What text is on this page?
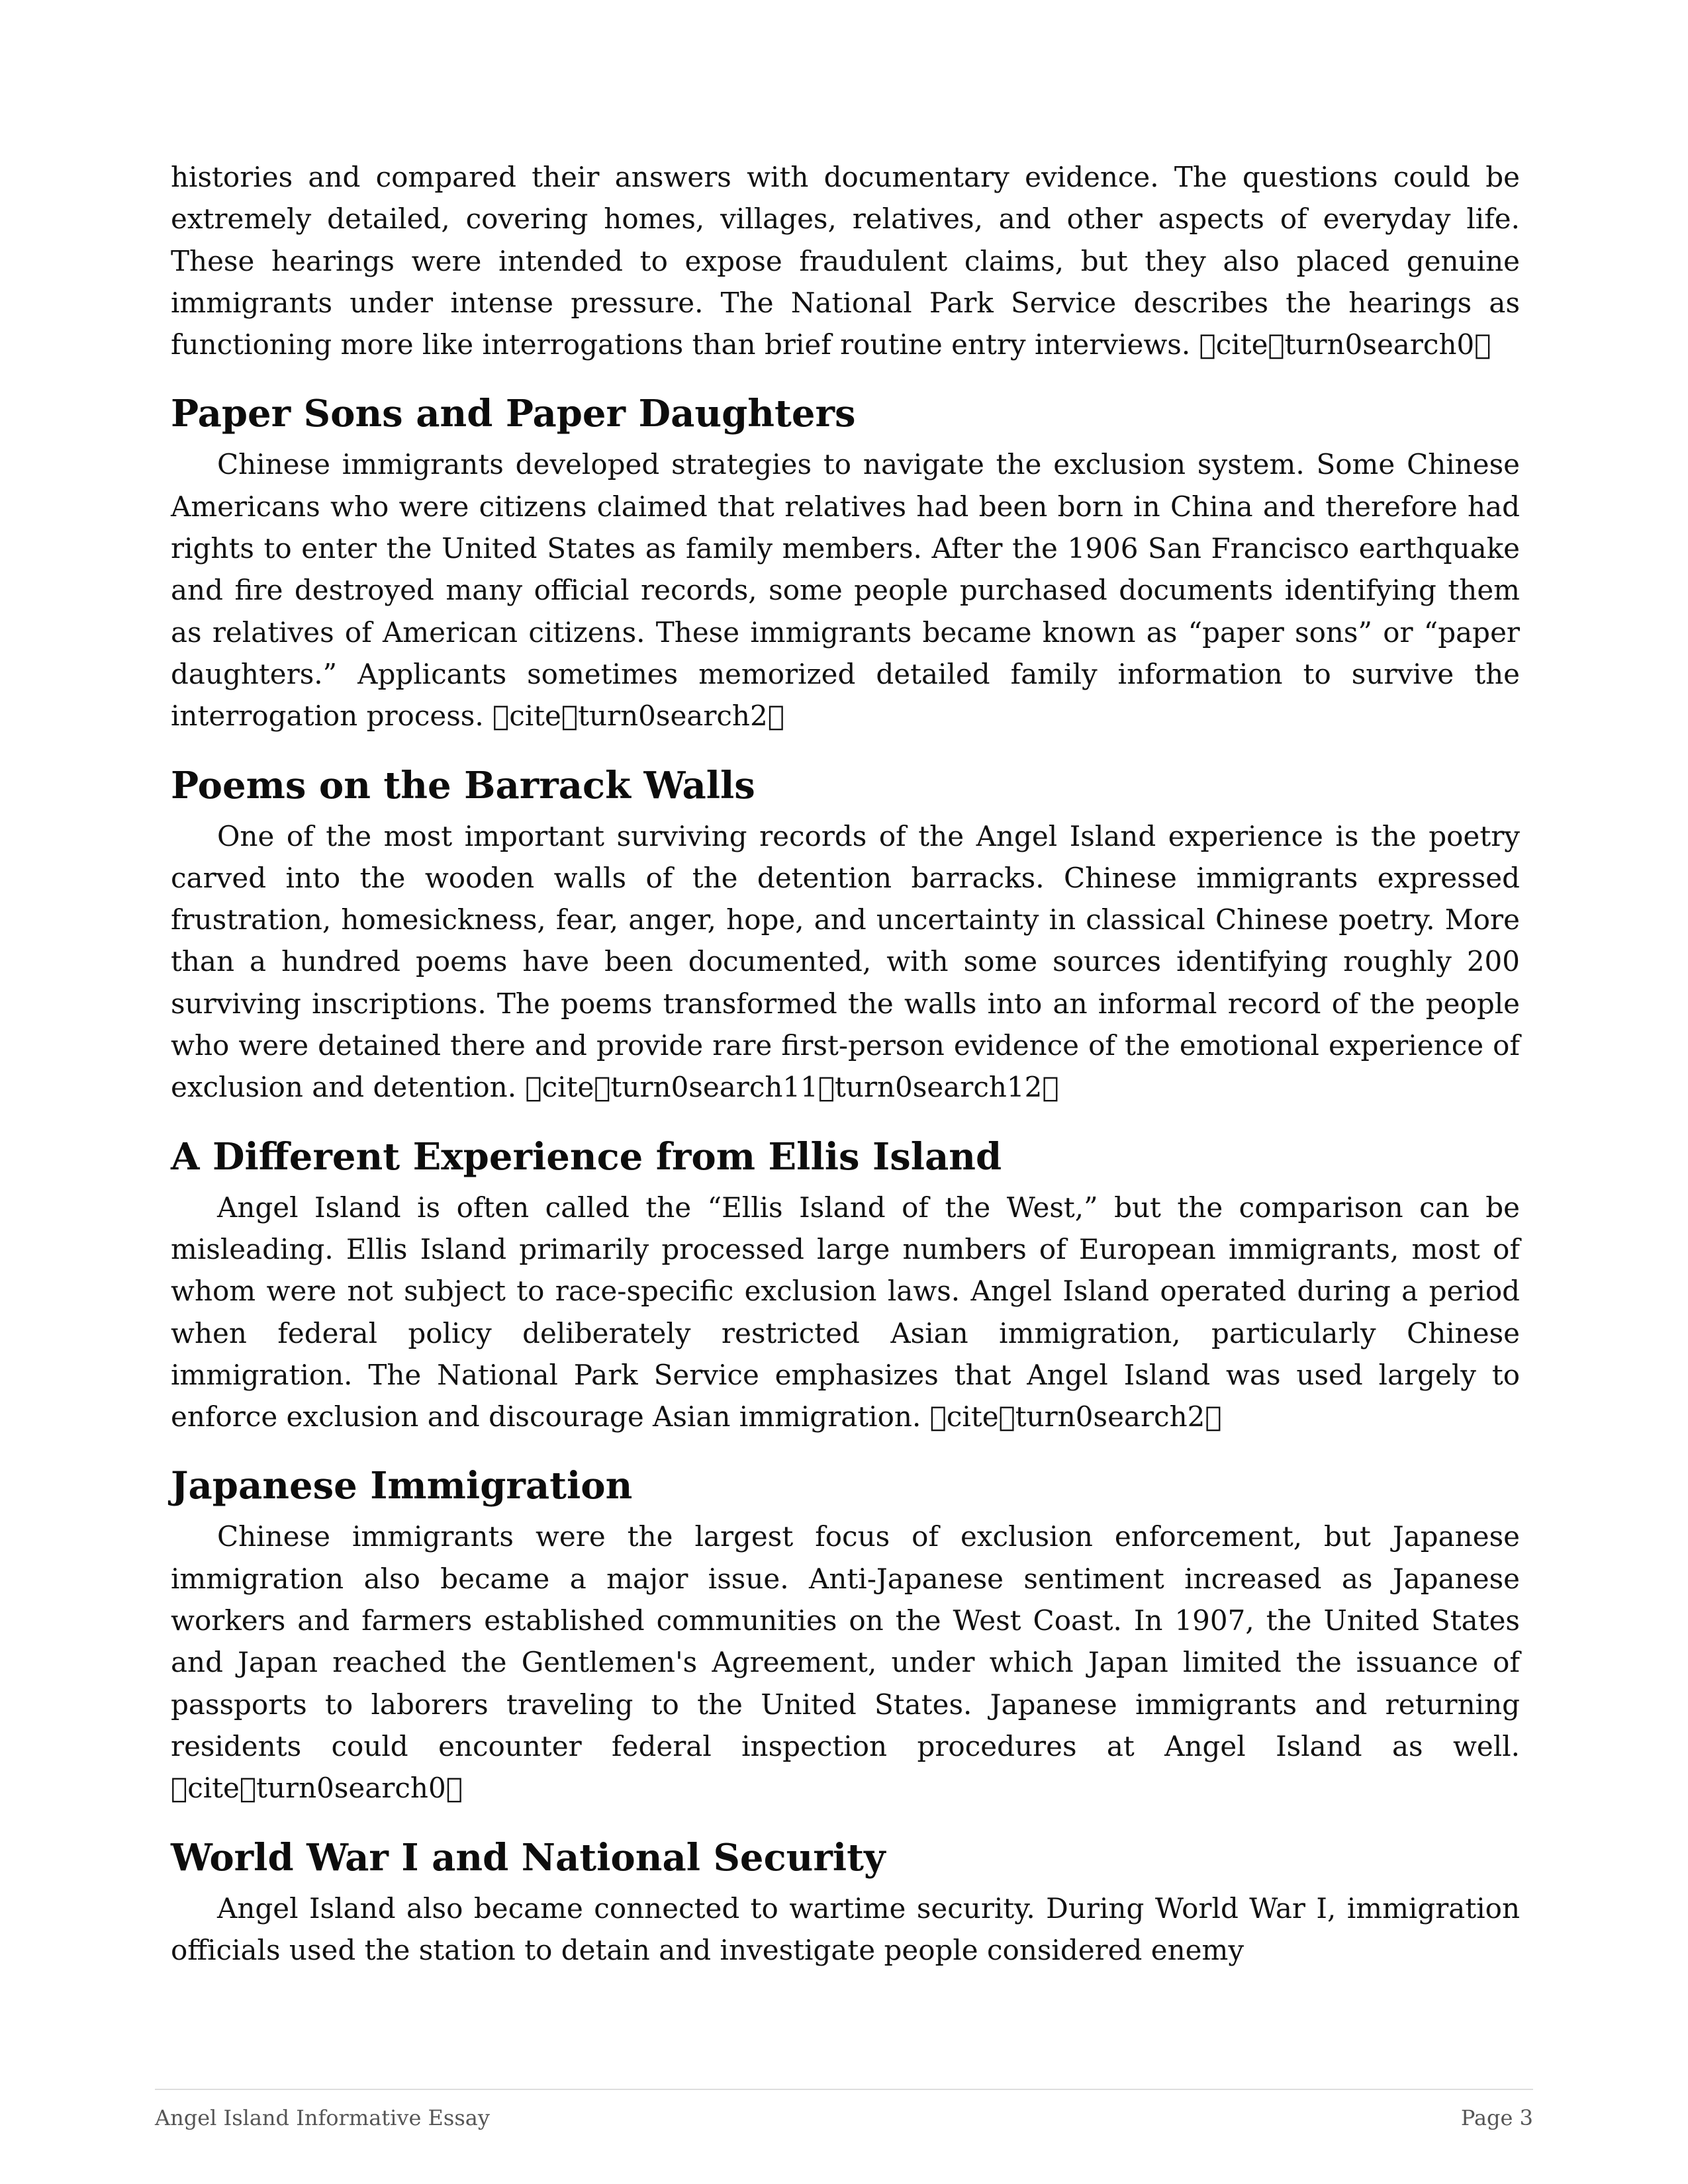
histories and compared their answers with documentary evidence. The questions could be extremely detailed, covering homes, villages, relatives, and other aspects of everyday life. These hearings were intended to expose fraudulent claims, but they also placed genuine immigrants under intense pressure. The National Park Service describes the hearings as functioning more like interrogations than brief routine entry interviews. cite turn0search0

Paper Sons and Paper Daughters

Chinese immigrants developed strategies to navigate the exclusion system. Some Chinese Americans who were citizens claimed that relatives had been born in China and therefore had rights to enter the United States as family members. After the 1906 San Francisco earthquake and fire destroyed many official records, some people purchased documents identifying them as relatives of American citizens. These immigrants became known as “paper sons” or “paper daughters.” Applicants sometimes memorized detailed family information to survive the interrogation process. cite turn0search2

Poems on the Barrack Walls

One of the most important surviving records of the Angel Island experience is the poetry carved into the wooden walls of the detention barracks. Chinese immigrants expressed frustration, homesickness, fear, anger, hope, and uncertainty in classical Chinese poetry. More than a hundred poems have been documented, with some sources identifying roughly 200 surviving inscriptions. The poems transformed the walls into an informal record of the people who were detained there and provide rare first-person evidence of the emotional experience of exclusion and detention. cite turn0search11 turn0search12

A Different Experience from Ellis Island

Angel Island is often called the “Ellis Island of the West,” but the comparison can be misleading. Ellis Island primarily processed large numbers of European immigrants, most of whom were not subject to race-specific exclusion laws. Angel Island operated during a period when federal policy deliberately restricted Asian immigration, particularly Chinese immigration. The National Park Service emphasizes that Angel Island was used largely to enforce exclusion and discourage Asian immigration. cite turn0search2

Japanese Immigration

Chinese immigrants were the largest focus of exclusion enforcement, but Japanese immigration also became a major issue. Anti-Japanese sentiment increased as Japanese workers and farmers established communities on the West Coast. In 1907, the United States and Japan reached the Gentlemen's Agreement, under which Japan limited the issuance of passports to laborers traveling to the United States. Japanese immigrants and returning residents could encounter federal inspection procedures at Angel Island as well. cite turn0search0

World War I and National Security

Angel Island also became connected to wartime security. During World War I, immigration officials used the station to detain and investigate people considered enemy

Angel Island Informative Essay	Page 3
